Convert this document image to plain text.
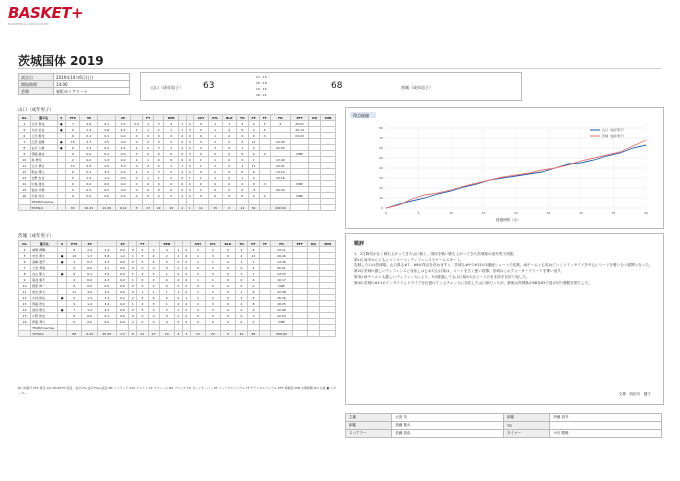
BASKET+
BASKETBALL ASSOCIATION
茨城国体 2019
試合日	2019年10月6日(日)
開始時間	14:00
会場	東町ゆうアリーナ
山口（成年男子） 63
17 - 15
15 - 18
13 - 14
18 - 21
68	茨城（成年男子）
山口（成年男子）
No	選手名	S	PTS	3P		2P		FT		REB			AST	STL	BLK	TO	PF	TF	FD	EFF	DQ	MIN
4	石井 智也	●	7	2-6	0-1	3-3	3-5	1	3	4	1	0	0	1	1	3	0	5	9	26:07		
5	木田 拓也	●	9	1-4	2-6	2-2	1	1	2	1	1	0	0	1	2	0	2	4		30:14		
6	上田 聖也		0	0-1	0-1	0-0	0	0	0	0	0	0	0	1	0	0	0	0		03:22		
7	江原 信隆	●	15	3-7	3-5	0-0	0	3	3	2	0	0	3	2	0	2	11		29:45			
8	谷口 大樹	●	6	1-3	0-2	1-2	1	2	3	1	0	0	2	3	0	1	4		25:50			
9	伊藤 誠也		0	0-0	0-1	0-0	0	0	0	0	0	0	0	0	0	0	0	0		DNP		
10	林 勇気		2	0-0	1-3	0-0	1	1	2	0	0	0	1	1	0	0	1		13:40			
11	玉木 勇生		13	2-5	2-5	3-3	0	4	4	1	1	0	1	2	0	3	11		23:21			
12	熊谷 博之		6	0-1	3-3	0-0	1	2	3	0	0	0	0	2	0	0	6		14:14			
13	吉野 友也		5	1-3	1-3	0-0	0	1	1	2	0	1	1	1	0	1	4		24:18			
14	中島 達也		0	0-0	0-0	0-0	0	0	0	0	0	0	0	0	0	0	0	0		DNP		
15	稲永 光樹		0	0-1	0-2	0-0	0	0	0	0	0	0	1	0	0	0	-3		09:34			
16	川村 亮太		0	0-0	0-0	0-0	0	0	0	0	0	0	0	0	0	0	0	0		DNP		
	TEAM/Coaches																					
	TOTALS		63	10-31	12-30	9-12	5	17	22	10	2	1	11	15	0	14	52		200:00			
茨城（成年男子）
No	選手名	S	PTS	3P		2P		FT		REB			AST	STL	BLK	TO	PF	TF	FD	EFF	DQ	MIN
4	城間 博暉		8	2-4	1-2	0-0	0	2	2	4	1	0	2	2	0	2	8		23:11			
5	中田 貴大	●	14	1-3	5-8	1-2	1	3	4	2	1	0	1	3	0	2	13		29:40			
6	高嶋 遼平	●	2	0-3	1-3	0-0	0	2	2	3	0	0	1	1	0	1	1		14:46			
7	大宮 秀哉		2	0-0	1-1	0-0	0	0	0	0	0	0	0	2	0	0	2		05:01			
8	丸山 聖人	●	6	0-1	3-5	0-0	1	4	5	1	0	0	2	3	0	1	7		24:33			
9	菊池 康平		4	0-0	2-3	0-0	1	0	1	0	0	0	1	1	0	0	4		10:17			
10	梶原 伸一		0	0-0	0-0	0-0	0	0	0	0	0	0	0	0	0	0	0		DNP			
11	角田 侑大		11	3-5	1-2	0-0	0	1	1	1	1	0	1	2	0	1	9		22:28			
12	小林 和也	●	5	1-2	1-3	0-1	2	4	6	0	0	1	1	2	0	1	6		25:16			
13	齊藤 昂也		9	1-4	3-4	0-0	1	2	3	1	0	0	2	3	0	2	8		18:25			
14	森田 翔太	●	7	1-3	2-3	0-0	0	3	3	2	1	0	2	3	0	0	9		22:06			
15	小野 和也		0	0-0	0-1	0-0	0	0	0	0	0	0	0	0	0	0	-1		02:04			
16	伊藤 秀行		0	0-0	0-0	0-0	0	0	0	0	0	0	0	0	0	0	0		DNP			
	TEAM/Coaches																					
	TOTALS		68	9-24	20-35	1-3	6	21	27	14	4	1	13	22	0	10	66		200:00			
No 背番号 PTS 得点 S/G 3P/2P/FT 試投・成功 FG 成功 FGA 試投 RB リバウンド AST アシスト ST スティール BS ブロック TO ターンオーバー PF パーソナルファウル TF テクニカルファウル EFF 貢献度 MIN 出場時間 DQ 失格 ● スターター
得点経過
0
10
20
30
40
50
60
70
80
0	5	10	15	20	25	30	35	40
山口（成年男子）
茨城（成年男子）
経過時間（分）
戦評

1、2日降気がなく晴れ上がってきた山口県と、国体を戦い勝ち上がってきた茨城県の成年男子決勝。

第1Q 前半からともにマンツーマンディフェンスでゲームスタート。

先制したのは茨城県。山口県も#7、#8が得点を決めますと、茨城も#9で#15の3連続シュートで応戦。両チームとも攻めていくとインサイドを中心にリードを奪い合う展開となった。

第2Q 茨城の激しいディフェンスに対応しはじめた山口県は、コートを広く使い攻撃。茨城はこのクォーターでリードを奪い返す。

第3Q 両チームとも激しいディフェンスにより、5分経過しても山口県が1点リードのまま前半を折り返した。

第4Q 茨城の#11がインサイドにドライブを仕掛けてくるチャンスに対応した山口県だったが、最後は茨城県が68対63で逃げ切り優勝を果たした。

文責：西田川　健子
主審	太田 功	副審	伊藤 真介
副審	加藤 雄大	TO	
スコアラー	佐藤 真由	タイマー	小川 勝俊
